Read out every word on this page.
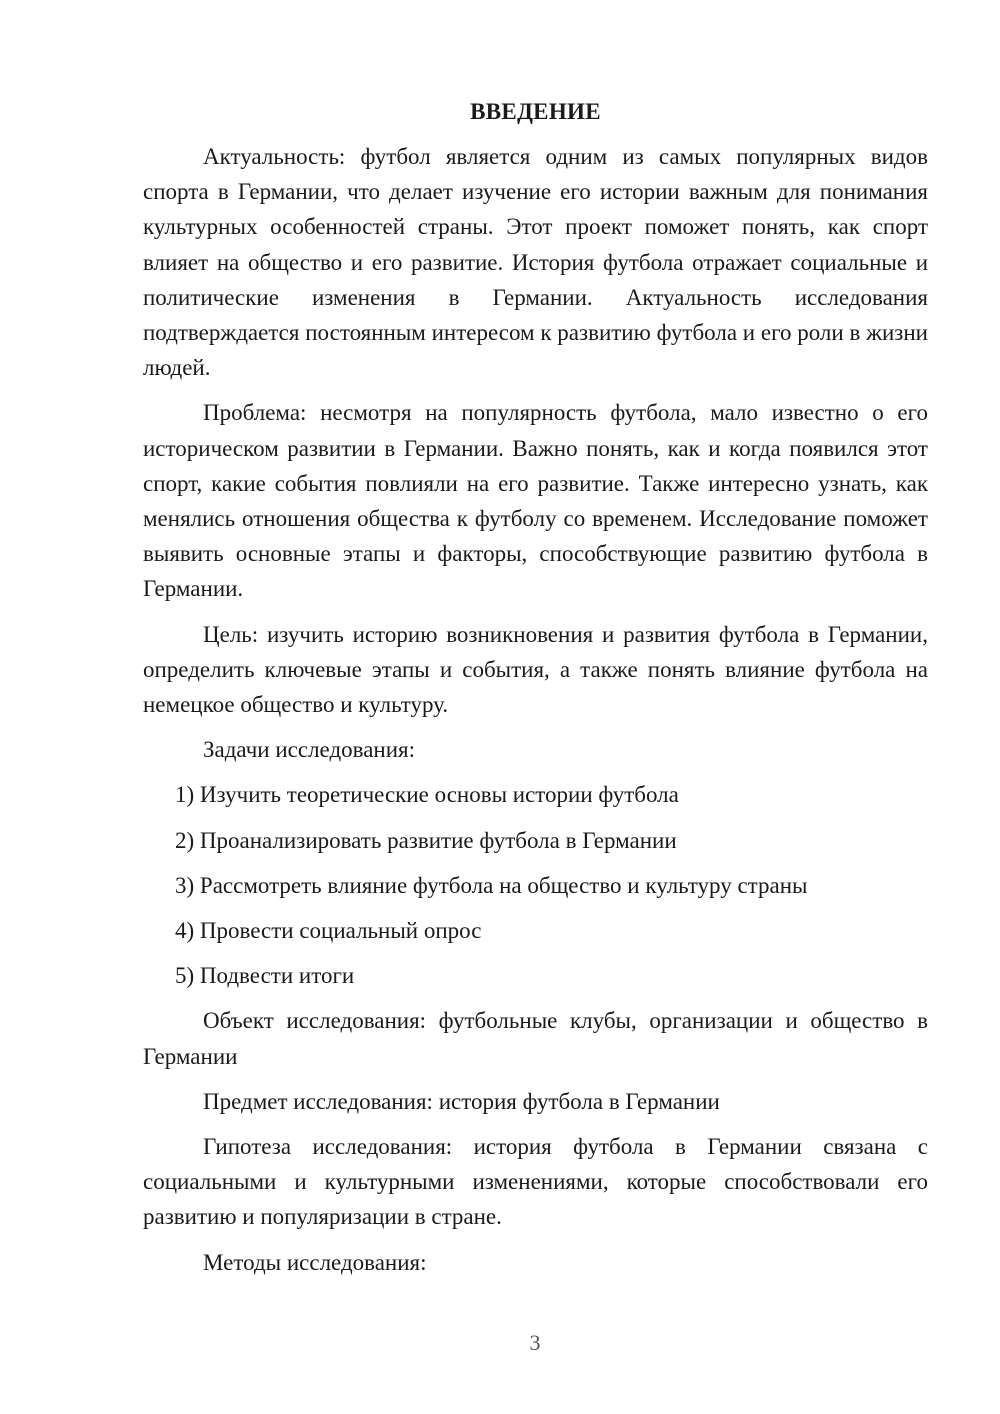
ВВЕДЕНИЕ

Актуальность: футбол является одним из самых популярных видов спорта в Германии, что делает изучение его истории важным для понимания культурных особенностей страны. Этот проект поможет понять, как спорт влияет на общество и его развитие. История футбола отражает социальные и политические изменения в Германии. Актуальность исследования подтверждается постоянным интересом к развитию футбола и его роли в жизни людей.

Проблема: несмотря на популярность футбола, мало известно о его историческом развитии в Германии. Важно понять, как и когда появился этот спорт, какие события повлияли на его развитие. Также интересно узнать, как менялись отношения общества к футболу со временем. Исследование поможет выявить основные этапы и факторы, способствующие развитию футбола в Германии.

Цель: изучить историю возникновения и развития футбола в Германии, определить ключевые этапы и события, а также понять влияние футбола на немецкое общество и культуру.

Задачи исследования:

1) Изучить теоретические основы истории футбола
2) Проанализировать развитие футбола в Германии
3) Рассмотреть влияние футбола на общество и культуру страны
4) Провести социальный опрос
5) Подвести итоги

Объект исследования: футбольные клубы, организации и общество в Германии

Предмет исследования: история футбола в Германии

Гипотеза исследования: история футбола в Германии связана с социальными и культурными изменениями, которые способствовали его развитию и популяризации в стране.

Методы исследования:

3
